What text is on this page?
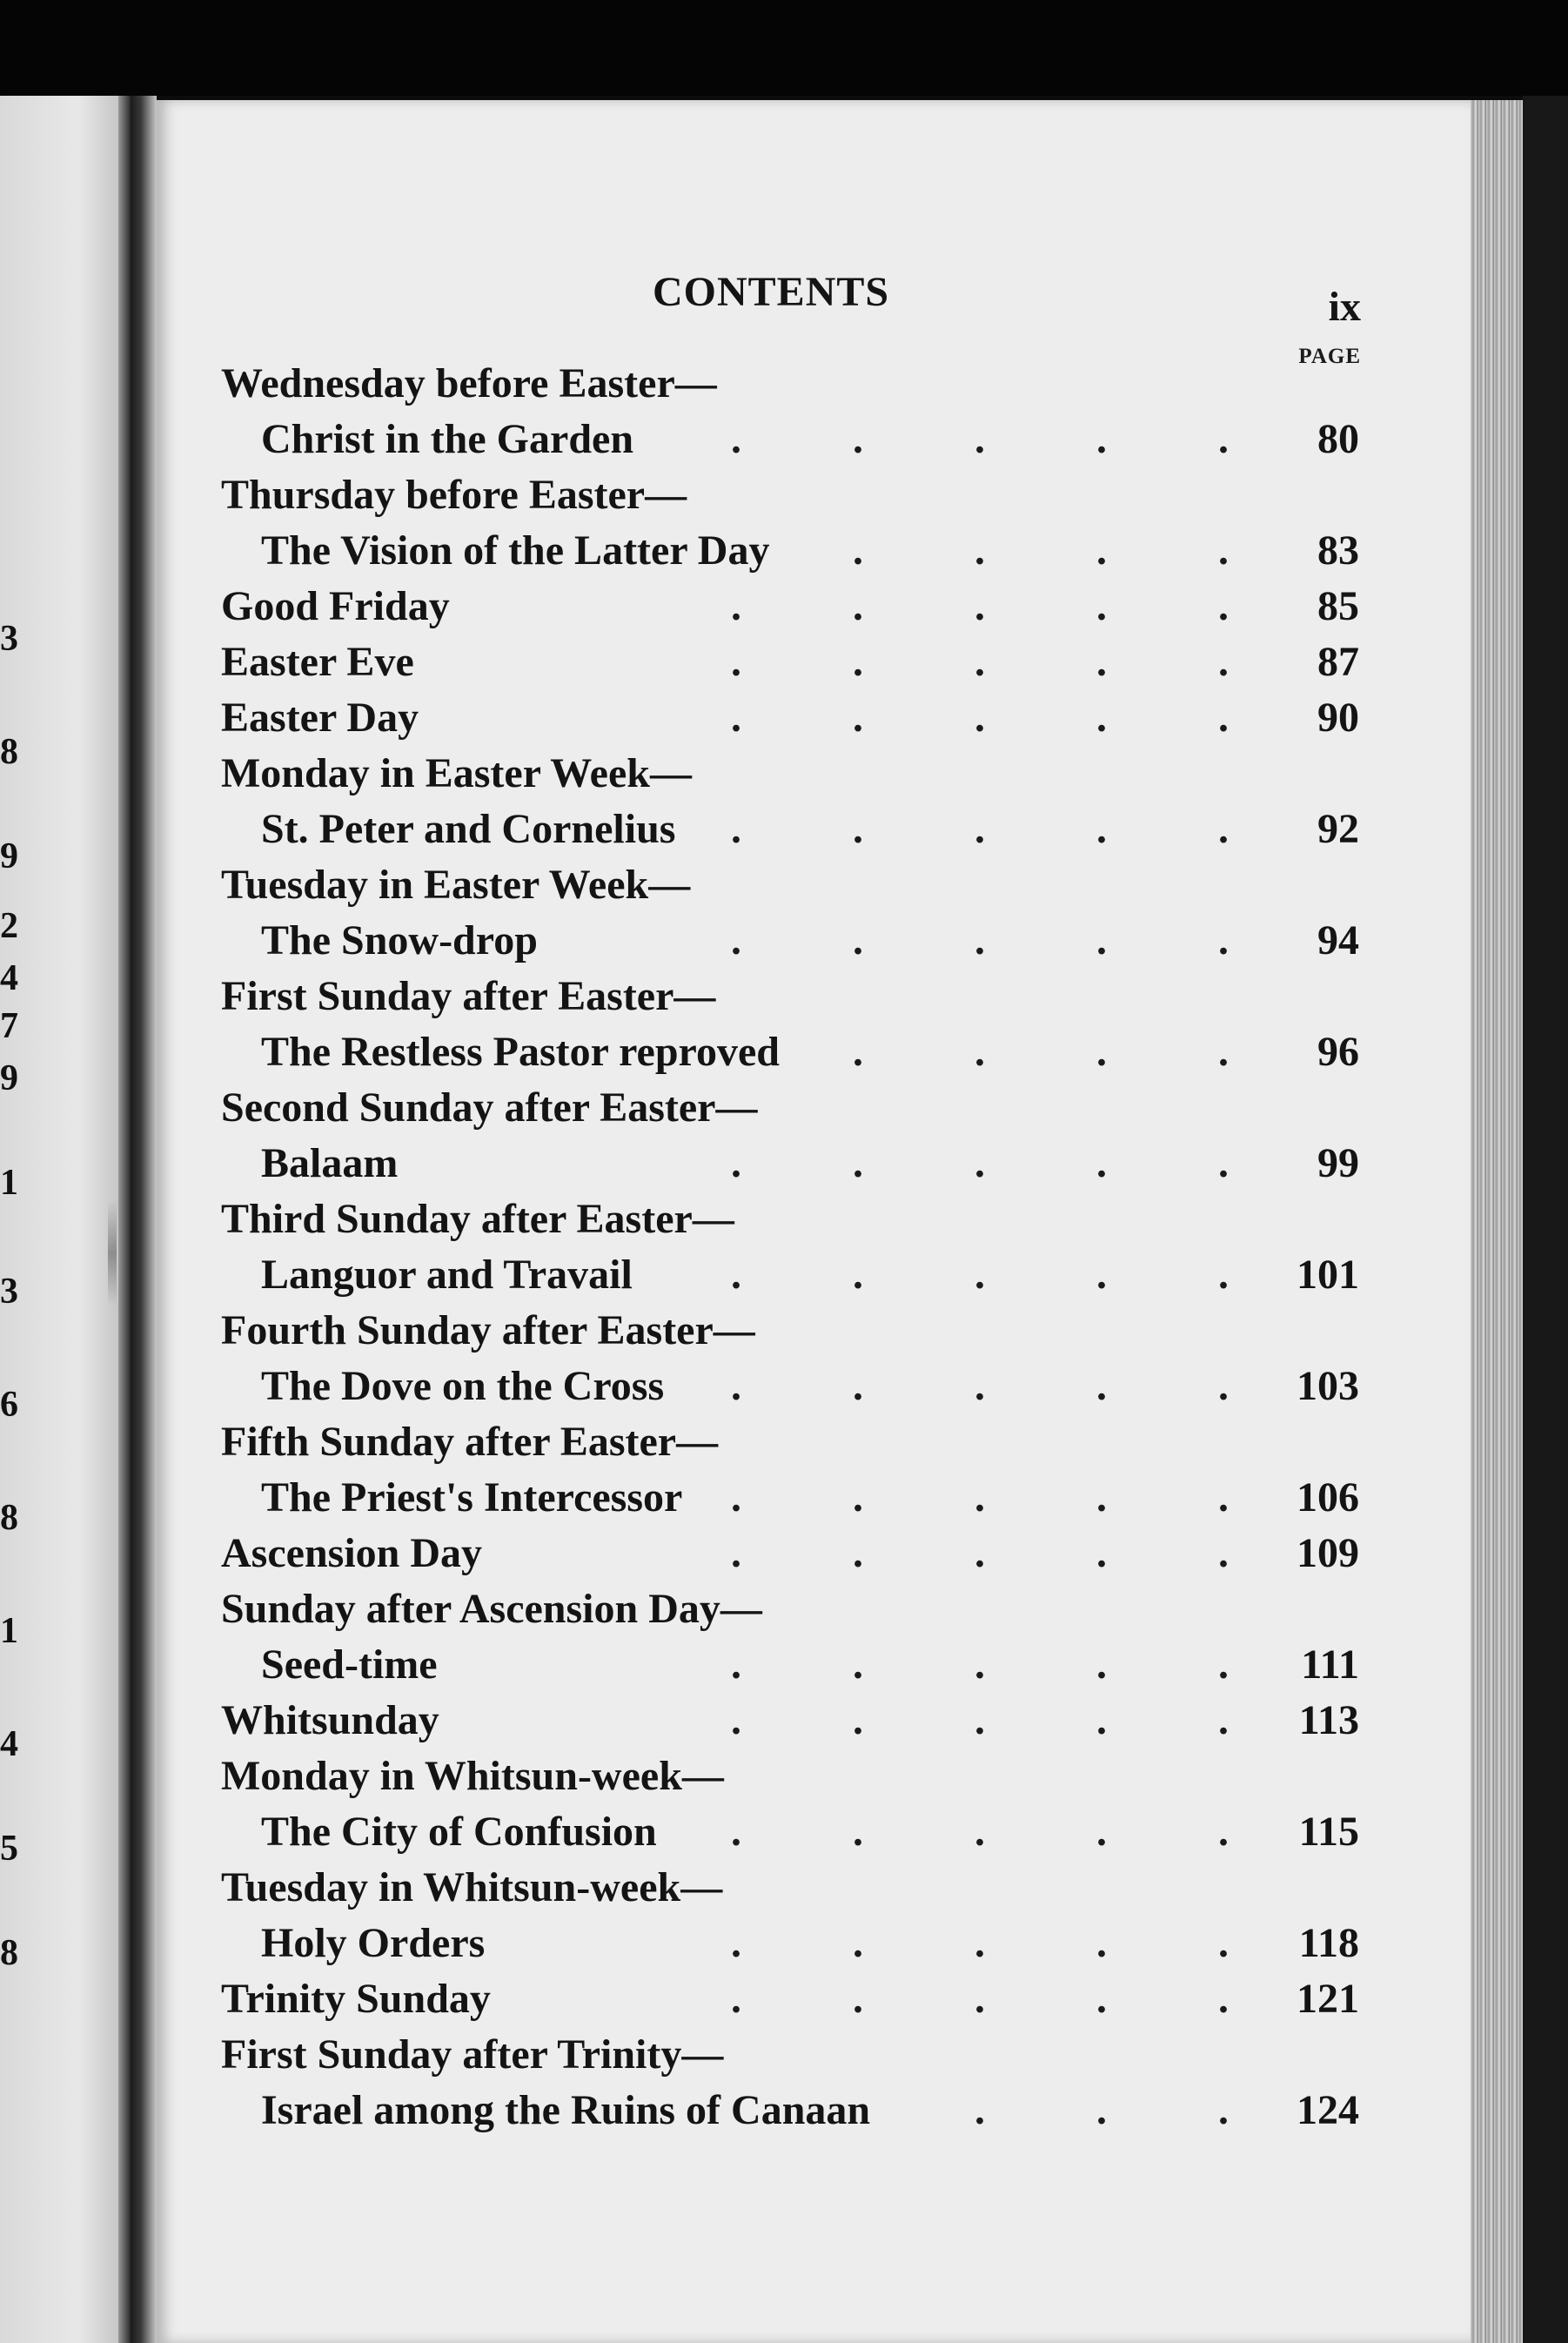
3
8
9
2
4
7
9
1
3
6
8
1
4
5
8
CONTENTS	ix
PAGE
Wednesday before Easter—
Christ in the Garden .	.	.	.	.	80
Thursday before Easter—
The Vision of the Latter Day .	.	.	.	83
Good Friday	.	.	.	.	.	85
Easter Eve	.	.	.	.	.	87
Easter Day	.	.	.	.	.	90
Monday in Easter Week—
St. Peter and Cornelius .	.	.	.	.	92
Tuesday in Easter Week—
The Snow-drop	.	.	.	.	.	94
First Sunday after Easter—
The Restless Pastor reproved .	.	.	.	96
Second Sunday after Easter—
Balaam	.	.	.	.	.	99
Third Sunday after Easter—
Languor and Travail .	.	.	.	.	101
Fourth Sunday after Easter—
The Dove on the Cross .	.	.	.	.	103
Fifth Sunday after Easter—
The Priest's Intercessor .	.	.	.	.	106
Ascension Day	.	.	.	.	.	109
Sunday after Ascension Day—
Seed-time	.	.	.	.	.	111
Whitsunday	.	.	.	.	.	113
Monday in Whitsun-week—
The City of Confusion .	.	.	.	.	115
Tuesday in Whitsun-week—
Holy Orders	.	.	.	.	.	118
Trinity Sunday	.	.	.	.	.	121
First Sunday after Trinity—
Israel among the Ruins of Canaan .	.	.	124
